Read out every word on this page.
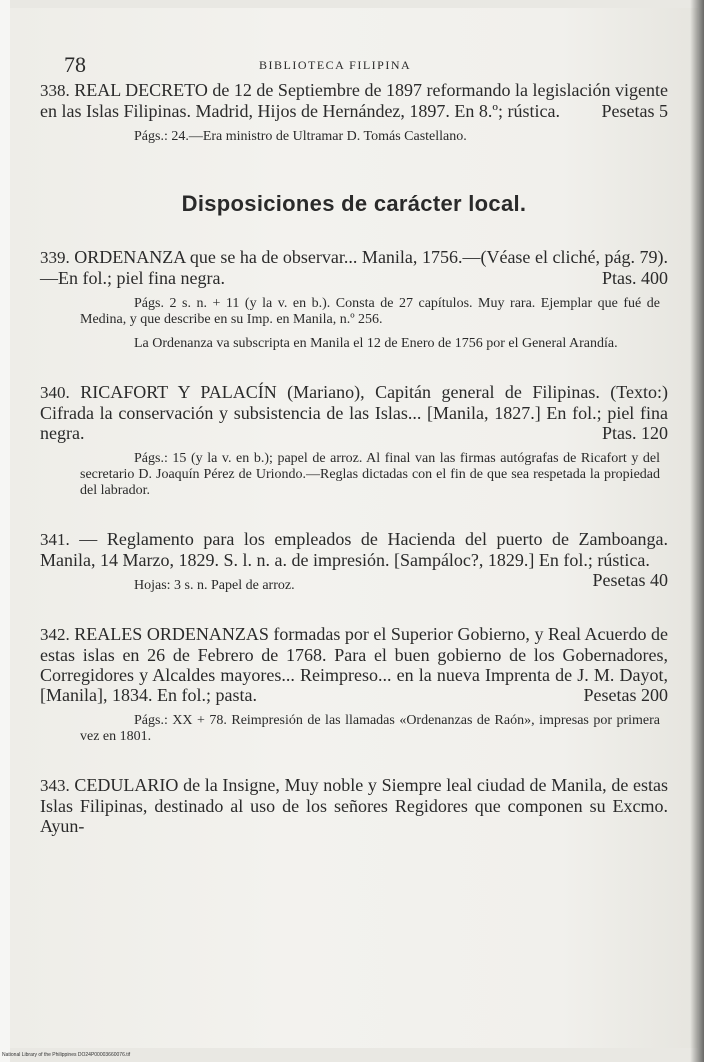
78	BIBLIOTECA FILIPINA

338. REAL DECRETO de 12 de Septiembre de 1897 reformando la legislación vigente en las Islas Filipinas. Madrid, Hijos de Hernández, 1897. En 8.º; rústica. Pesetas 5

Págs.: 24.—Era ministro de Ultramar D. Tomás Castellano.

Disposiciones de carácter local.

339. ORDENANZA que se ha de observar... Manila, 1756.—(Véase el cliché, pág. 79).—En fol.; piel fina negra.	Ptas. 400

Págs. 2 s. n. + 11 (y la v. en b.). Consta de 27 capítulos. Muy rara. Ejemplar que fué de Medina, y que describe en su Imp. en Manila, n.º 256.

La Ordenanza va subscripta en Manila el 12 de Enero de 1756 por el General Arandía.

340. RICAFORT Y PALACÍN (Mariano), Capitán general de Filipinas. (Texto:) Cifrada la conservación y subsistencia de las Islas... [Manila, 1827.] En fol.; piel fina negra.	Ptas. 120

Págs.: 15 (y la v. en b.); papel de arroz. Al final van las firmas autógrafas de Ricafort y del secretario D. Joaquín Pérez de Uriondo.—Reglas dictadas con el fin de que sea respetada la propiedad del labrador.

341. — Reglamento para los empleados de Hacienda del puerto de Zamboanga. Manila, 14 Marzo, 1829. S. l. n. a. de impresión. [Sampáloc?, 1829.] En fol.; rústica.
Pesetas 40

Hojas: 3 s. n. Papel de arroz.

342. REALES ORDENANZAS formadas por el Superior Gobierno, y Real Acuerdo de estas islas en 26 de Febrero de 1768. Para el buen gobierno de los Gobernadores, Corregidores y Alcaldes mayores... Reimpreso... en la nueva Imprenta de J. M. Dayot, [Manila], 1834. En fol.; pasta.	Pesetas 200

Págs.: XX + 78. Reimpresión de las llamadas «Ordenanzas de Raón», impresas por primera vez en 1801.

343. CEDULARIO de la Insigne, Muy noble y Siempre leal ciudad de Manila, de estas Islas Filipinas, destinado al uso de los señores Regidores que componen su Excmo. Ayun-

National Library of the Philippines DO24P00003660076.tif
